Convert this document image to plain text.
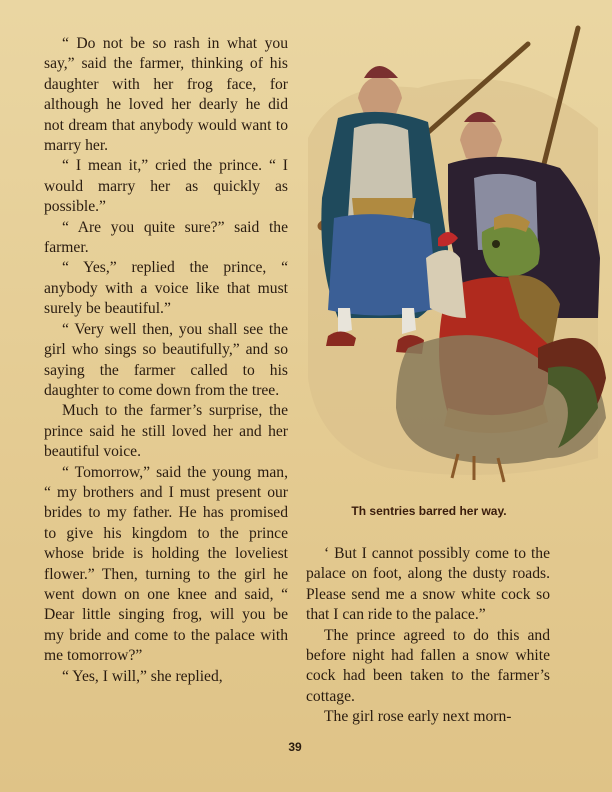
“ Do not be so rash in what you say,” said the farmer, thinking of his daughter with her frog face, for although he loved her dearly he did not dream that anybody would want to marry her.

“ I mean it,” cried the prince. “ I would marry her as quickly as possible.”

“ Are you quite sure?” said the farmer.

“ Yes,” replied the prince, “ anybody with a voice like that must surely be beautiful.”

“ Very well then, you shall see the girl who sings so beautifully,” and so saying the farmer called to his daughter to come down from the tree.

Much to the farmer’s surprise, the prince said he still loved her and her beautiful voice.

“ Tomorrow,” said the young man, “ my brothers and I must present our brides to my father. He has promised to give his kingdom to the prince whose bride is holding the loveliest flower.” Then, turning to the girl he went down on one knee and said, “ Dear little singing frog, will you be my bride and come to the palace with me tomorrow?”

“ Yes, I will,” she replied,

Th sentries barred her way.

‘ But I cannot possibly come to the palace on foot, along the dusty roads. Please send me a snow white cock so that I can ride to the palace.”

The prince agreed to do this and before night had fallen a snow white cock had been taken to the farmer’s cottage.

The girl rose early next morn-

39
